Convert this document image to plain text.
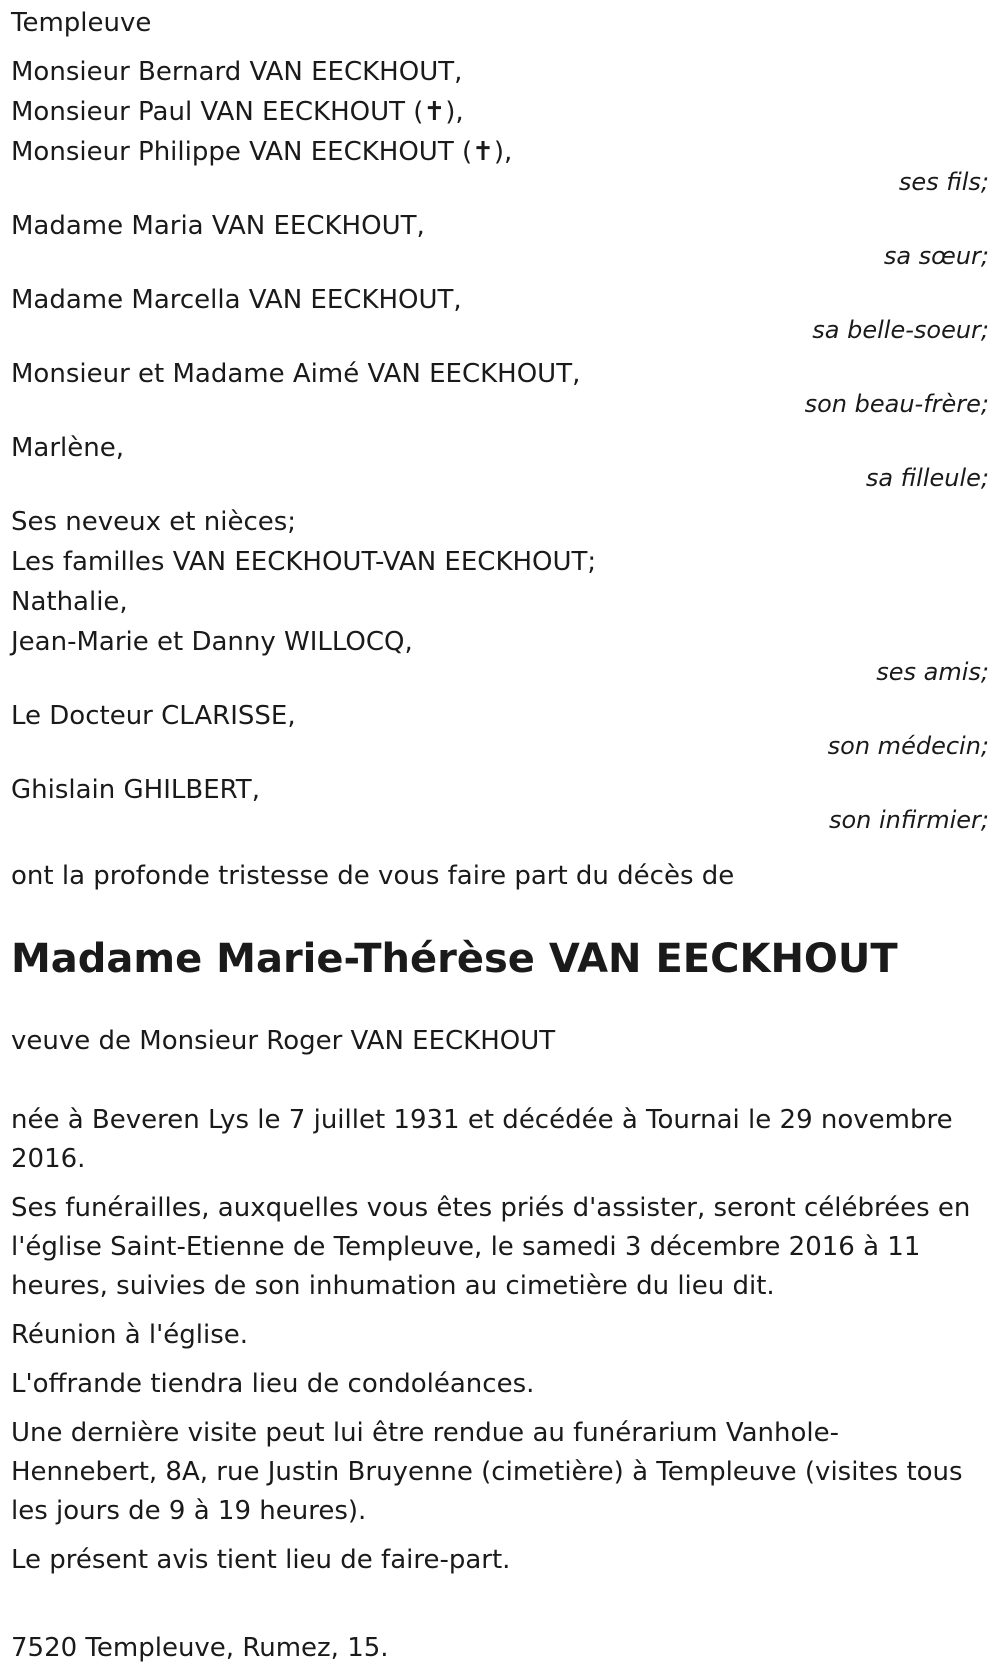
Templeuve
Monsieur Bernard VAN EECKHOUT,
Monsieur Paul VAN EECKHOUT (✝),
Monsieur Philippe VAN EECKHOUT (✝),
ses fils;
Madame Maria VAN EECKHOUT,
sa sœur;
Madame Marcella VAN EECKHOUT,
sa belle-soeur;
Monsieur et Madame Aimé VAN EECKHOUT,
son beau-frère;
Marlène,
sa filleule;
Ses neveux et nièces;
Les familles VAN EECKHOUT-VAN EECKHOUT;
Nathalie,
Jean-Marie et Danny WILLOCQ,
ses amis;
Le Docteur CLARISSE,
son médecin;
Ghislain GHILBERT,
son infirmier;
ont la profonde tristesse de vous faire part du décès de
Madame Marie-Thérèse VAN EECKHOUT
veuve de Monsieur Roger VAN EECKHOUT
née à Beveren Lys le 7 juillet 1931 et décédée à Tournai le 29 novembre 2016.
Ses funérailles, auxquelles vous êtes priés d'assister, seront célébrées en l'église Saint-Etienne de Templeuve, le samedi 3 décembre 2016 à 11 heures, suivies de son inhumation au cimetière du lieu dit.
Réunion à l'église.
L'offrande tiendra lieu de condoléances.
Une dernière visite peut lui être rendue au funérarium Vanhole-Hennebert, 8A, rue Justin Bruyenne (cimetière) à Templeuve (visites tous les jours de 9 à 19 heures).
Le présent avis tient lieu de faire-part.
7520 Templeuve, Rumez, 15.
